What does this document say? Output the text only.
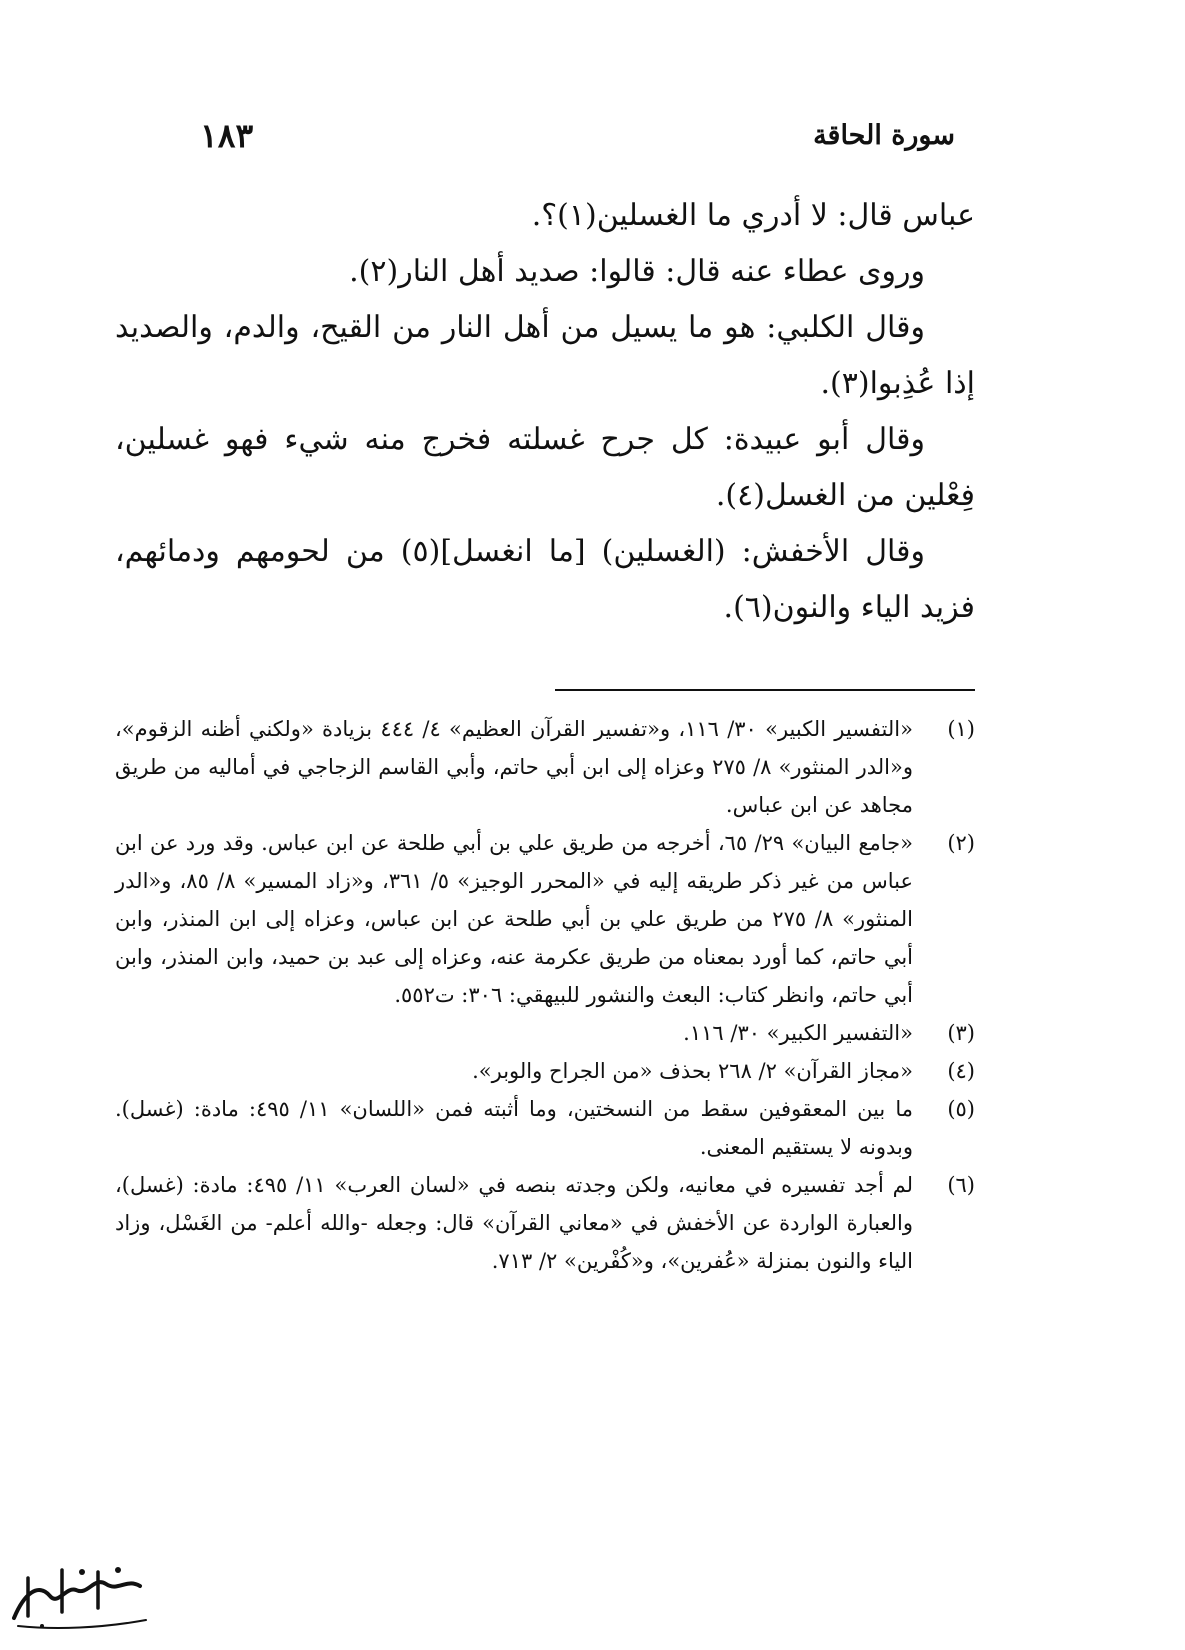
سورة الحاقة
١٨٣

عباس قال: لا أدري ما الغسلين(١)؟.

وروى عطاء عنه قال: قالوا: صديد أهل النار(٢).

وقال الكلبي: هو ما يسيل من أهل النار من القيح، والدم، والصديد إذا عُذِبوا(٣).

وقال أبو عبيدة: كل جرح غسلته فخرج منه شيء فهو غسلين، فِعْلين من الغسل(٤).

وقال الأخفش: (الغسلين) [ما انغسل](٥) من لحومهم ودمائهم، فزيد الياء والنون(٦).

(١)
«التفسير الكبير» ٣٠/ ١١٦، و«تفسير القرآن العظيم» ٤/ ٤٤٤ بزيادة «ولكني أظنه الزقوم»، و«الدر المنثور» ٨/ ٢٧٥ وعزاه إلى ابن أبي حاتم، وأبي القاسم الزجاجي في أماليه من طريق مجاهد عن ابن عباس.
(٢)
«جامع البيان» ٢٩/ ٦٥، أخرجه من طريق علي بن أبي طلحة عن ابن عباس. وقد ورد عن ابن عباس من غير ذكر طريقه إليه في «المحرر الوجيز» ٥/ ٣٦١، و«زاد المسير» ٨/ ٨٥، و«الدر المنثور» ٨/ ٢٧٥ من طريق علي بن أبي طلحة عن ابن عباس، وعزاه إلى ابن المنذر، وابن أبي حاتم، كما أورد بمعناه من طريق عكرمة عنه، وعزاه إلى عبد بن حميد، وابن المنذر، وابن أبي حاتم، وانظر كتاب: البعث والنشور للبيهقي: ٣٠٦: ت٥٥٢.
(٣)
«التفسير الكبير» ٣٠/ ١١٦.
(٤)
«مجاز القرآن» ٢/ ٢٦٨ بحذف «من الجراح والوبر».
(٥)
ما بين المعقوفين سقط من النسختين، وما أثبته فمن «اللسان» ١١/ ٤٩٥: مادة: (غسل). وبدونه لا يستقيم المعنى.
(٦)
لم أجد تفسيره في معانيه، ولكن وجدته بنصه في «لسان العرب» ١١/ ٤٩٥: مادة: (غسل)، والعبارة الواردة عن الأخفش في «معاني القرآن» قال: وجعله -والله أعلم- من الغَسْل، وزاد الياء والنون بمنزلة «عُفرين»، و«كُفْرين» ٢/ ٧١٣.
